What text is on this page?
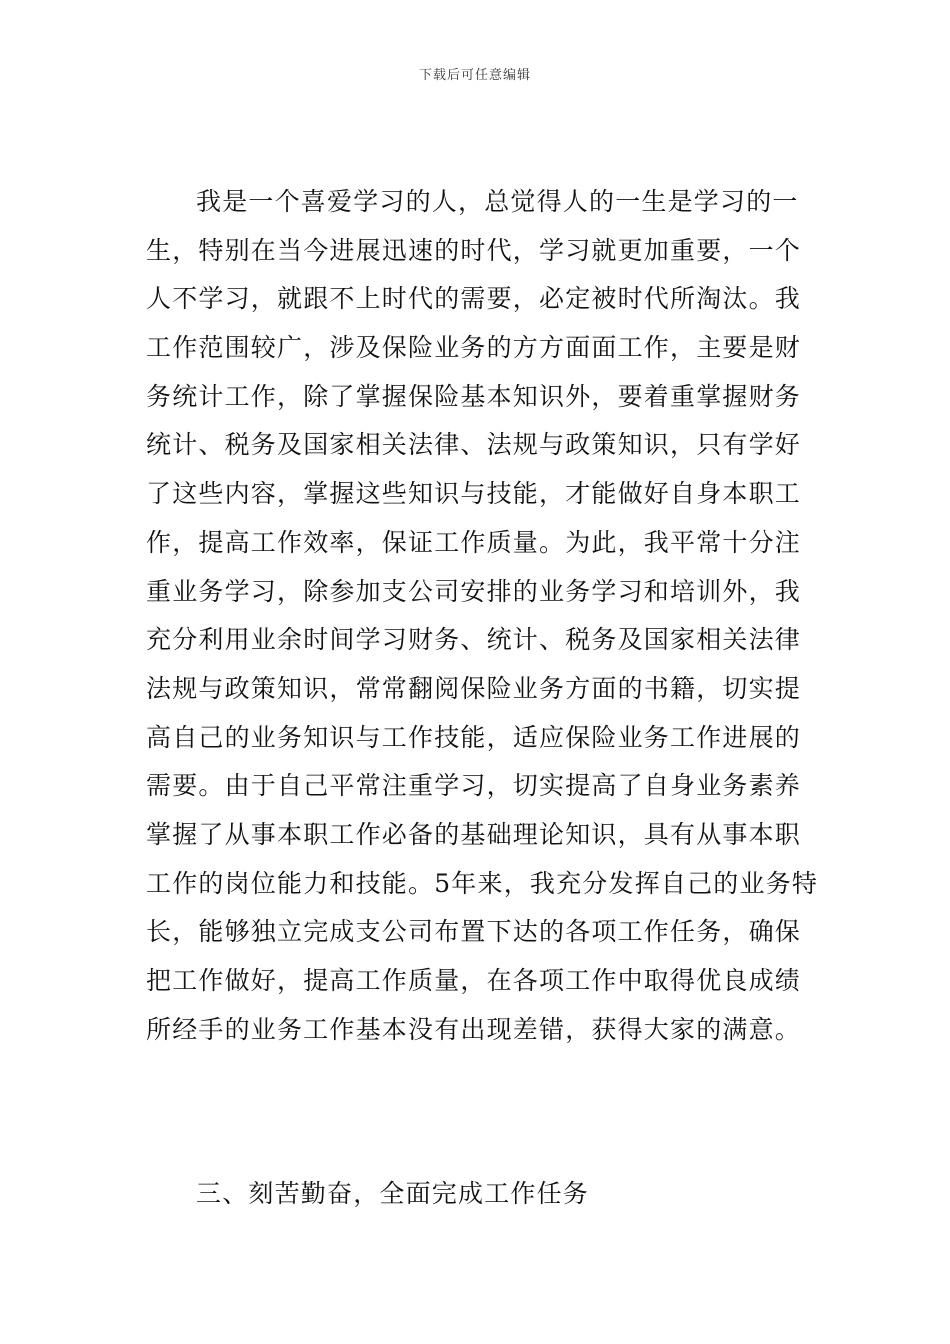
下载后可任意编辑
我是一个喜爱学习的人，总觉得人的一生是学习的一
生，特别在当今进展迅速的时代，学习就更加重要，一个
人不学习，就跟不上时代的需要，必定被时代所淘汰。我
工作范围较广，涉及保险业务的方方面面工作，主要是财
务统计工作，除了掌握保险基本知识外，要着重掌握财务
统计、税务及国家相关法律、法规与政策知识，只有学好
了这些内容，掌握这些知识与技能，才能做好自身本职工
作，提高工作效率，保证工作质量。为此，我平常十分注
重业务学习，除参加支公司安排的业务学习和培训外，我
充分利用业余时间学习财务、统计、税务及国家相关法律
法规与政策知识，常常翻阅保险业务方面的书籍，切实提
高自己的业务知识与工作技能，适应保险业务工作进展的
需要。由于自己平常注重学习，切实提高了自身业务素养
掌握了从事本职工作必备的基础理论知识，具有从事本职
工作的岗位能力和技能。5年来，我充分发挥自己的业务特
长，能够独立完成支公司布置下达的各项工作任务，确保
把工作做好，提高工作质量，在各项工作中取得优良成绩
所经手的业务工作基本没有出现差错，获得大家的满意。
三、刻苦勤奋，全面完成工作任务
